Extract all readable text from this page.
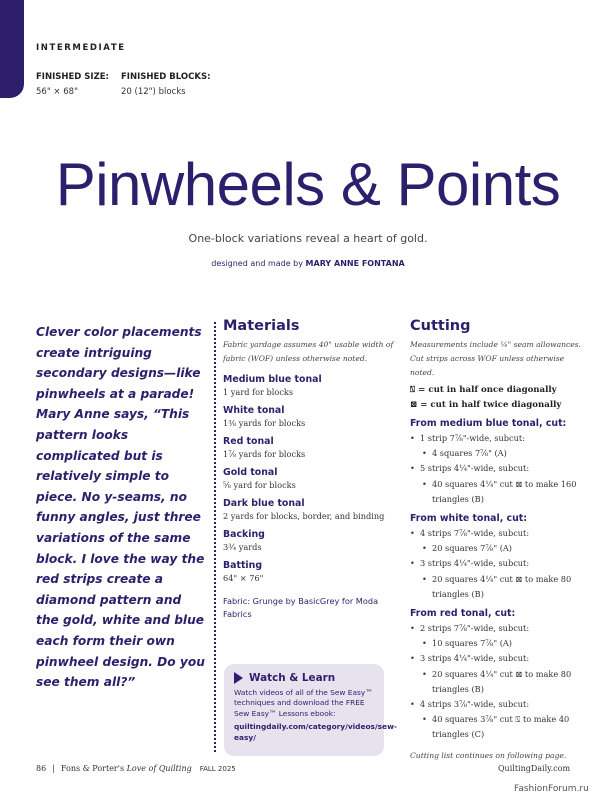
INTERMEDIATE
FINISHED SIZE:
56" × 68"
FINISHED BLOCKS:
20 (12") blocks
Pinwheels & Points
One-block variations reveal a heart of gold.
designed and made by MARY ANNE FONTANA
Clever color placements create intriguing secondary designs—like pinwheels at a parade! Mary Anne says, “This pattern looks complicated but is relatively simple to piece. No y-seams, no funny angles, just three variations of the same block. I love the way the red strips create a diamond pattern and the gold, white and blue each form their own pinwheel design. Do you see them all?”
Materials
Fabric yardage assumes 40" usable width of fabric (WOF) unless otherwise noted.
Medium blue tonal
1 yard for blocks
White tonal
1⅜ yards for blocks
Red tonal
1⅞ yards for blocks
Gold tonal
⅝ yard for blocks
Dark blue tonal
2 yards for blocks, border, and binding
Backing
3¾ yards
Batting
64" × 76"
Fabric: Grunge by BasicGrey for Moda Fabrics
Watch & Learn
Watch videos of all of the Sew Easy™ techniques and download the FREE Sew Easy™ Lessons ebook:
quiltingdaily.com/category/videos/sew-easy/
Cutting
Measurements include ¼" seam allowances. Cut strips across WOF unless otherwise noted.
⍂ = cut in half once diagonally
⊠ = cut in half twice diagonally
From medium blue tonal, cut:
• 1 strip 7⅞"-wide, subcut:
• 4 squares 7⅞" (A)
• 5 strips 4¼"-wide, subcut:
• 40 squares 4¼" cut ⊠ to make 160 triangles (B)
From white tonal, cut:
• 4 strips 7⅞"-wide, subcut:
• 20 squares 7⅞" (A)
• 3 strips 4¼"-wide, subcut:
• 20 squares 4¼" cut ⊠ to make 80 triangles (B)
From red tonal, cut:
• 2 strips 7⅞"-wide, subcut:
• 10 squares 7⅞" (A)
• 3 strips 4¼"-wide, subcut:
• 20 squares 4¼" cut ⊠ to make 80 triangles (B)
• 4 strips 3⅞"-wide, subcut:
• 40 squares 3⅞" cut ⍂ to make 40 triangles (C)
Cutting list continues on following page.
86 | Fons & Porter's Love of Quilting FALL 2025	QuiltingDaily.com
FashionForum.ru
